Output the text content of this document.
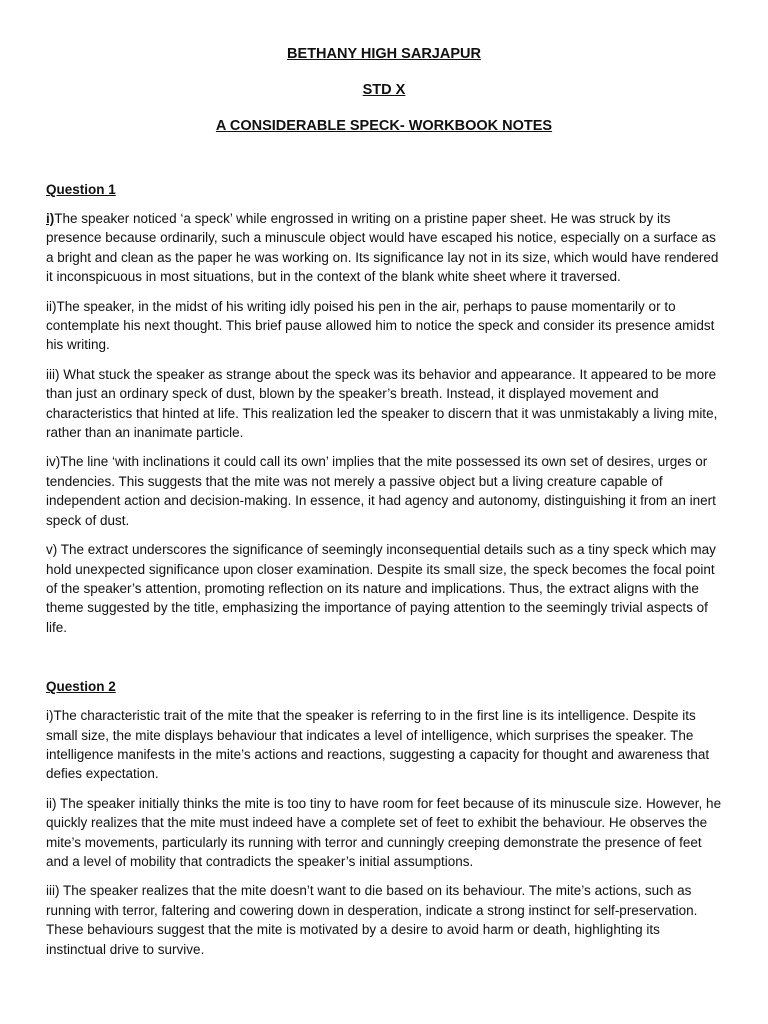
BETHANY HIGH SARJAPUR

STD X

A CONSIDERABLE SPECK- WORKBOOK NOTES

Question 1

i)The speaker noticed ‘a speck’ while engrossed in writing on a pristine paper sheet. He was struck by its presence because ordinarily, such a minuscule object would have escaped his notice, especially on a surface as a bright and clean as the paper he was working on. Its significance lay not in its size, which would have rendered it inconspicuous in most situations, but in the context of the blank white sheet where it traversed.

ii)The speaker, in the midst of his writing idly poised his pen in the air, perhaps to pause momentarily or to contemplate his next thought. This brief pause allowed him to notice the speck and consider its presence amidst his writing.

iii) What stuck the speaker as strange about the speck was its behavior and appearance. It appeared to be more than just an ordinary speck of dust, blown by the speaker’s breath. Instead, it displayed movement and characteristics that hinted at life. This realization led the speaker to discern that it was unmistakably a living mite, rather than an inanimate particle.

iv)The line ‘with inclinations it could call its own’ implies that the mite possessed its own set of desires, urges or tendencies. This suggests that the mite was not merely a passive object but a living creature capable of independent action and decision-making. In essence, it had agency and autonomy, distinguishing it from an inert speck of dust.

v) The extract underscores the significance of seemingly inconsequential details such as a tiny speck which may hold unexpected significance upon closer examination. Despite its small size, the speck becomes the focal point of the speaker’s attention, promoting reflection on its nature and implications. Thus, the extract aligns with the theme suggested by the title, emphasizing the importance of paying attention to the seemingly trivial aspects of life.

Question 2

i)The characteristic trait of the mite that the speaker is referring to in the first line is its intelligence. Despite its small size, the mite displays behaviour that indicates a level of intelligence, which surprises the speaker. The intelligence manifests in the mite’s actions and reactions, suggesting a capacity for thought and awareness that defies expectation.

ii) The speaker initially thinks the mite is too tiny to have room for feet because of its minuscule size. However, he quickly realizes that the mite must indeed have a complete set of feet to exhibit the behaviour. He observes the mite’s movements, particularly its running with terror and cunningly creeping demonstrate the presence of feet and a level of mobility that contradicts the speaker’s initial assumptions.

iii) The speaker realizes that the mite doesn’t want to die based on its behaviour. The mite’s actions, such as running with terror, faltering and cowering down in desperation, indicate a strong instinct for self-preservation. These behaviours suggest that the mite is motivated by a desire to avoid harm or death, highlighting its instinctual drive to survive.
